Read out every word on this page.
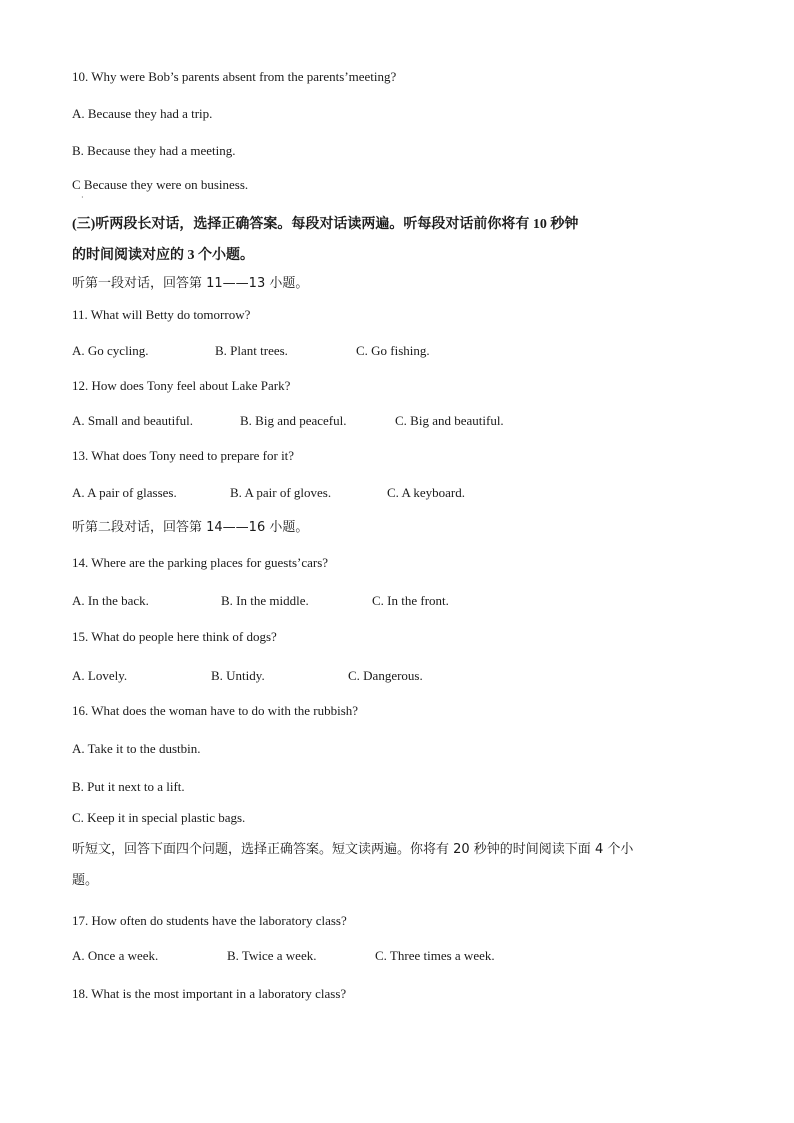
10. Why were Bob’s parents absent from the parents’meeting?
A. Because they had a trip.
B. Because they had a meeting.
C Because they were on business.
·
(三)听两段长对话，选择正确答案。每段对话读两遍。听每段对话前你将有 10 秒钟
的时间阅读对应的 3 个小题。
听第一段对话，回答第 11——13 小题。
11. What will Betty do tomorrow?
A. Go cycling.	B. Plant trees.	C. Go fishing.
12. How does Tony feel about Lake Park?
A. Small and beautiful.	B. Big and peaceful.	C. Big and beautiful.
13. What does Tony need to prepare for it?
A. A pair of glasses.	B. A pair of gloves.	C. A keyboard.
听第二段对话，回答第 14——16 小题。
14. Where are the parking places for guests’cars?
A. In the back.	B. In the middle.	C. In the front.
15. What do people here think of dogs?
A. Lovely.	B. Untidy.	C. Dangerous.
16. What does the woman have to do with the rubbish?
A. Take it to the dustbin.
B. Put it next to a lift.
C. Keep it in special plastic bags.
听短文，回答下面四个问题，选择正确答案。短文读两遍。你将有 20 秒钟的时间阅读下面 4 个小
题。
17. How often do students have the laboratory class?
A. Once a week.	B. Twice a week.	C. Three times a week.
18. What is the most important in a laboratory class?
